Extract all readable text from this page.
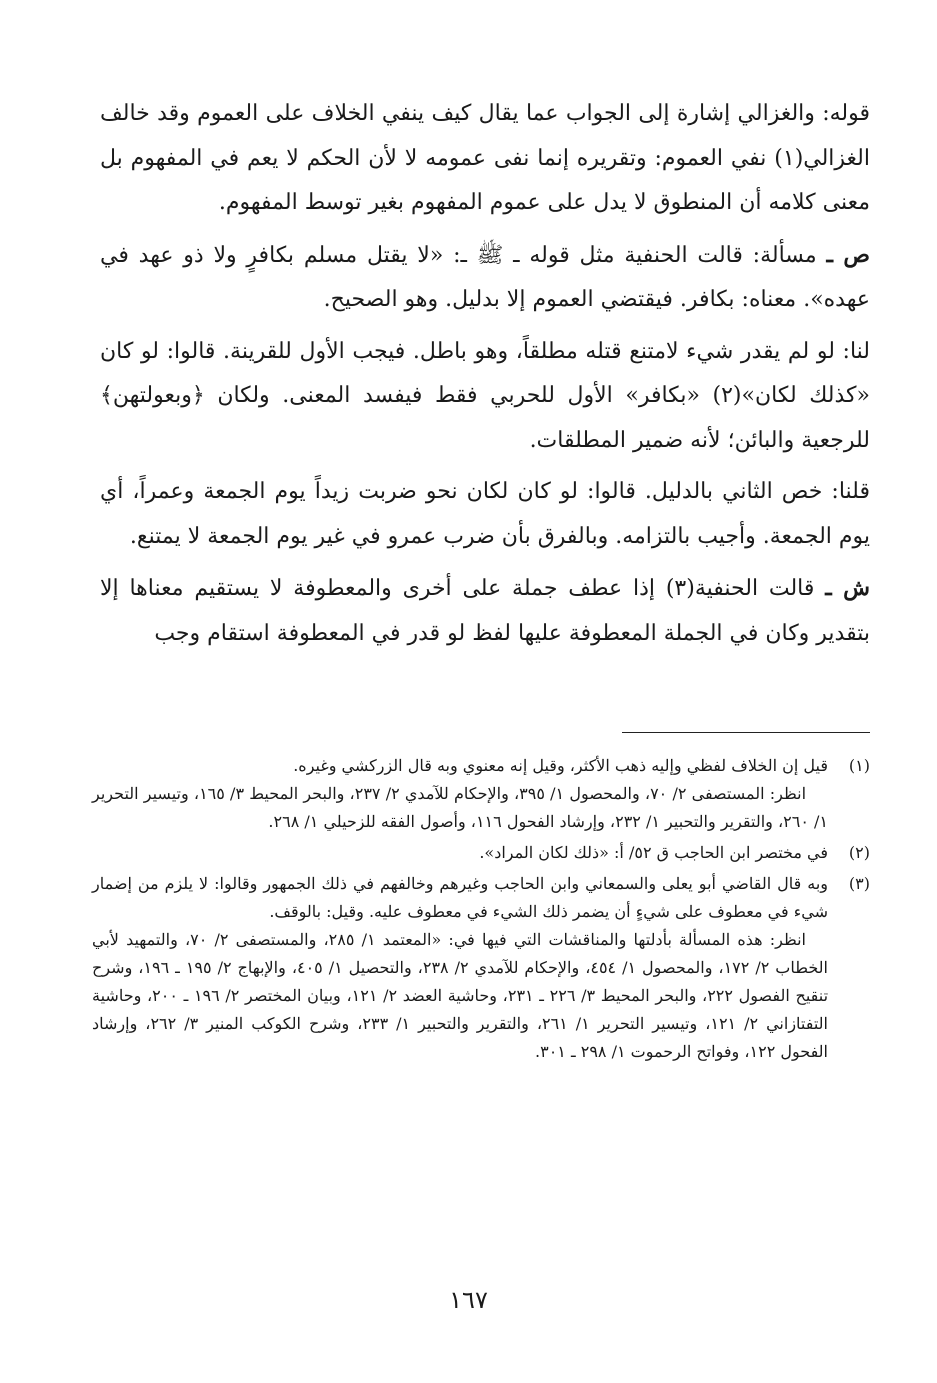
قوله: والغزالي إشارة إلى الجواب عما يقال كيف ينفي الخلاف على العموم وقد خالف الغزالي(١) نفي العموم: وتقريره إنما نفى عمومه لا لأن الحكم لا يعم في المفهوم بل معنى كلامه أن المنطوق لا يدل على عموم المفهوم بغير توسط المفهوم.

ص ـ مسألة: قالت الحنفية مثل قوله ـ ﷺ ـ: «لا يقتل مسلم بكافرٍ ولا ذو عهد في عهده». معناه: بكافر. فيقتضي العموم إلا بدليل. وهو الصحيح.

لنا: لو لم يقدر شيء لامتنع قتله مطلقاً، وهو باطل. فيجب الأول للقرينة. قالوا: لو كان «كذلك لكان»(٢) «بكافر» الأول للحربي فقط فيفسد المعنى. ولكان ﴿وبعولتهن﴾ للرجعية والبائن؛ لأنه ضمير المطلقات.

قلنا: خص الثاني بالدليل. قالوا: لو كان لكان نحو ضربت زيداً يوم الجمعة وعمراً، أي يوم الجمعة. وأجيب بالتزامه. وبالفرق بأن ضرب عمرو في غير يوم الجمعة لا يمتنع.

ش ـ قالت الحنفية(٣) إذا عطف جملة على أخرى والمعطوفة لا يستقيم معناها إلا بتقدير وكان في الجملة المعطوفة عليها لفظ لو قدر في المعطوفة استقام وجب

(١)

قيل إن الخلاف لفظي وإليه ذهب الأكثر، وقيل إنه معنوي وبه قال الزركشي وغيره.

انظر: المستصفى ٢/ ٧٠، والمحصول ١/ ٣٩٥، والإحكام للآمدي ٢/ ٢٣٧، والبحر المحيط ٣/ ١٦٥، وتيسير التحرير ١/ ٢٦٠، والتقرير والتحبير ١/ ٢٣٢، وإرشاد الفحول ١١٦، وأصول الفقه للزحيلي ١/ ٢٦٨.

(٢)

في مختصر ابن الحاجب ق ٥٢/ أ: «ذلك لكان المراد».

(٣)

وبه قال القاضي أبو يعلى والسمعاني وابن الحاجب وغيرهم وخالفهم في ذلك الجمهور وقالوا: لا يلزم من إضمار شيء في معطوف على شيءٍ أن يضمر ذلك الشيء في معطوف عليه. وقيل: بالوقف.

انظر: هذه المسألة بأدلتها والمناقشات التي فيها في: «المعتمد ١/ ٢٨٥، والمستصفى ٢/ ٧٠، والتمهيد لأبي الخطاب ٢/ ١٧٢، والمحصول ١/ ٤٥٤، والإحكام للآمدي ٢/ ٢٣٨، والتحصيل ١/ ٤٠٥، والإبهاج ٢/ ١٩٥ ـ ١٩٦، وشرح تنقيح الفصول ٢٢٢، والبحر المحيط ٣/ ٢٢٦ ـ ٢٣١، وحاشية العضد ٢/ ١٢١، وبيان المختصر ٢/ ١٩٦ ـ ٢٠٠، وحاشية التفتازاني ٢/ ١٢١، وتيسير التحرير ١/ ٢٦١، والتقرير والتحبير ١/ ٢٣٣، وشرح الكوكب المنير ٣/ ٢٦٢، وإرشاد الفحول ١٢٢، وفواتح الرحموت ١/ ٢٩٨ ـ ٣٠١.

١٦٧
